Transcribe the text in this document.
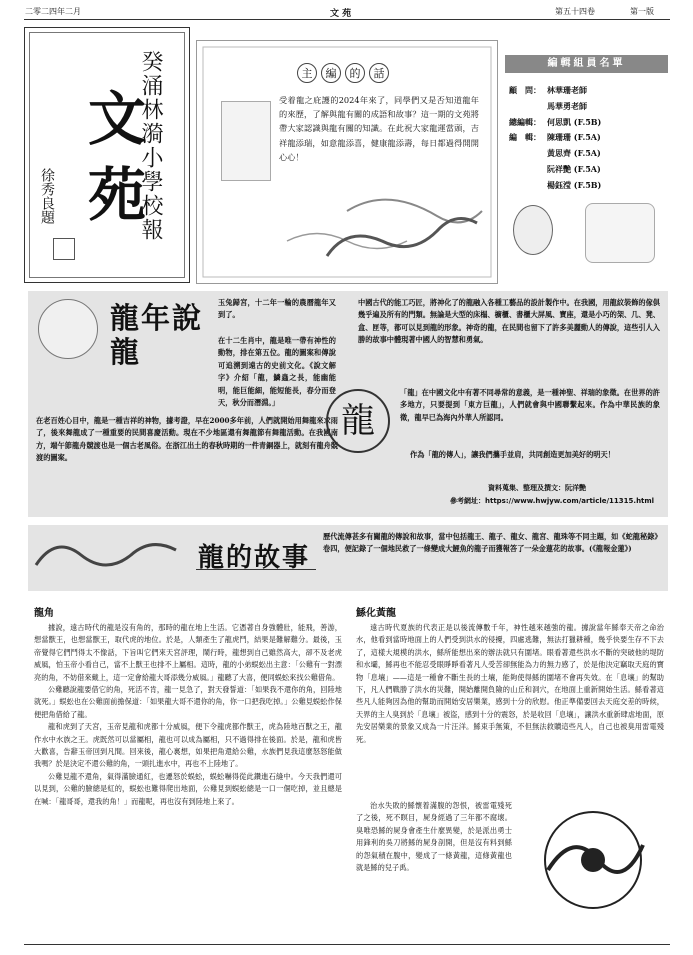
二零二四年二月	文 苑	第五十四卷	第一版
癸涌林漪小學校報
文苑
徐秀良題
主	編	的	話
受着龍之庇護的2024年來了，同學們又是否知道龍年的來歷，了解與龍有關的成語和故事？這一期的文苑將帶大家認識與龍有關的知識。在此祝大家龍運當頭，吉祥龍添瑞，如意龍添喜，健康龍添壽，每日都過得開開心心！
編輯組員名單
顧　問： 林華珊老師
馬華勇老師
總編輯： 何思凱 (F.5B)
編　輯： 陳珊珊 (F.5A)
黃思齊 (F.5A)
阮祥艷 (F.5A)
楊鈺滢 (F.5B)
龍年說龍
玉兔歸宮，十二年一輪的農曆龍年又到了。
在十二生肖中，龍是唯一帶有神性的動物，排在第五位。龍的圖案和傳說可追溯到遠古的史前文化。《說文解字》介紹「龍，鱗蟲之長，能幽能明，能巨能細，能短能長，春分而登天，秋分而潛淵。」
在老百姓心目中，龍是一種吉祥的神物，據考證，早在2000多年前，人們就開始用舞龍來求雨了，後來舞龍成了一種重要的民間喜慶活動。現在不少地區還有舞龍節有舞龍活動。在我國南方，端午節龍舟競渡也是一個古老風俗。在浙江出土的春秋時期的一件青銅器上，就刻有龍舟競渡的圖案。
龍
中國古代的能工巧匠，將神化了的龍融入各種工藝品的設計製作中。在我國，用龍紋裝飾的傢俱幾乎遍及所有的門類。無論是大型的床榻、櫥櫃、書櫃大屏風、寶座，還是小巧的架、几、凳、盒、匣等，都可以見到龍的形象。神奇的龍，在民間也留下了許多美麗動人的傳說，這些引人入勝的故事中體現著中國人的智慧和勇氣。
「龍」在中國文化中有著不同尋常的意義，是一種神聖、祥瑞的象徵。在世界的許多地方，只要提到「東方巨龍」，人們就會與中國聯繫起來。作為中華民族的象徵，龍早已為海內外華人所認同。
作為「龍的傳人」，讓我們攜手並肩，共同創造更加美好的明天！
資料蒐集、整理及撰文：阮洋艷
參考網址：https://www.hwjyw.com/article/11315.html
龍的故事
歷代流傳甚多有關龍的傳說和故事，當中包括龍王、龍子、龍女、龍宮、龍珠等不同主題，如《蛇龍秘錄》卷四，便記錄了一個地民救了一條變成大鯉魚的龍子而獲報答了一朵金蓮花的故事。(《龍報金蓮》)
龍角

據說，遠古時代的龍是沒有角的，那時的龍在地上生活。它憑著自身強體壯，能飛，善游，想當獸王，也想當獸王，取代虎的地位。於是，人類產生了龍虎鬥，結果是難解難分。最後，玉帝覺得它們鬥得太不像話，下旨叫它們來天宮評理，鬧行時，龍想到自己雖然高大，卻不及老虎威風，怕玉帝小看自己，當不上獸王也排不上屬相。這時，龍的小弟蜈蚣出主意：「公雞有一對漂亮的角，不妨借來戴上，這一定會給龍大哥添幾分威風。」龍聽了大喜，便同蜈蚣來找公雞借角。

公雞聽說龍要借它的角，死活不肯，龍一見急了，對天發誓道：「如果我不還你的角，回陸地就死。」蜈蚣也在公雞面前擔保道：「如果龍大哥不還你的角，你一口把我吃掉。」公雞見蜈蚣作保便把角借給了龍。

龍和虎到了天宮，玉帝見龍和虎都十分威風，便下令龍虎都作獸王，虎為陸地百獸之王，龍作水中水族之王。虎既然可以當屬相，龍也可以成為屬相，只不過得排在後面。於是，龍和虎皆大歡喜，告辭玉帝回到凡間。回來後，龍心裏想，如果把角還給公雞，水族們見我這麼怒怒能做我嗎？於是決定不還公雞的角，一頭扎進水中，再也不上陸地了。

公雞見龍不還角，氣得滿臉通紅，也遷怒於蜈蚣，蜈蚣嚇得從此鑽進石縫中。今天我們還可以見到，公雞的臉總是紅的，蜈蚣也難得爬出地面，公雞見到蜈蚣總是一口一個吃掉，並且總是在喊：「龍哥哥，還我的角！」而龍呢，再也沒有到陸地上來了。

鯀化黃龍

遠古時代夏族的代表正是以後流傳數千年，神性越來越強的龍。據說當年鯀奉天帝之命治水，他看到當時地面上的人們受到洪水的侵擾，四處逃難，無法打獵耕種，幾乎快要生存不下去了，這樣大規模的洪水，鯀所能想出來的辦法就只有圍堵。眼看著還些洪水不斷的突破他的堤防和水壩，鯀再也不能忍受眼睜睜看著凡人受苦卻無能為力的無力感了，於是他決定竊取天庭的寶物「息壤」——這是一種會不斷生長的土壤，能夠使得鯀的圍堵不會再失效。在「息壤」的幫助下，凡人們戰勝了洪水的災難，開始離開負險的山丘和洞穴，在地面上重新開始生活。鯀看著這些凡人能夠因為他的幫助而開始安居樂業，感到十分的欣慰。他正準備要回去天庭交差的時候，天界的主人臭到於「息壤」被盜，感到十分的震怒，於是收回「息壤」，讓洪水重新肆虐地面，原先安居樂業的景象又成為一片汪洋。鯀束手無策，不但無法救贖這些凡人，自己也被臭用雷電殘死。

治水失敗的鯀懷着滿腹的怨恨，被雷電殘死了之後，死不瞑目，屍身經過了三年都不腐壞。臭唯恐鯀的屍身會產生什麼異變，於是派出勇士用鋒利的吳刀將鯀的屍身剖開，但是沒有料到鯀的怨氣積在腹中，變成了一條黃龍，這條黃龍也就是鯀的兒子禹。
